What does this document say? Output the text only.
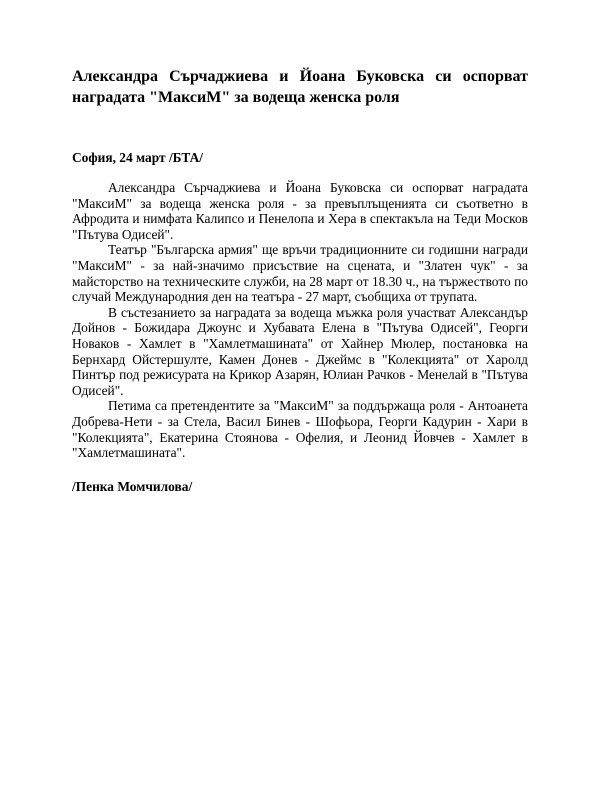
Александра Сърчаджиева и Йоана Буковска си оспорват наградата "МаксиМ" за водеща женска роля

София, 24 март /БТА/

Александра Сърчаджиева и Йоана Буковска си оспорват наградата "МаксиМ" за водеща женска роля - за превъплъщенията си съответно в Афродита и нимфата Калипсо и Пенелопа и Хера в спектакъла на Теди Москов "Пътува Одисей".

Театър "Българска армия" ще връчи традиционните си годишни награди "МаксиМ" - за най-значимо присъствие на сцената, и "Златен чук" - за майсторство на техническите служби, на 28 март от 18.30 ч., на тържеството по случай Международния ден на театъра - 27 март, съобщиха от трупата.

В състезанието за наградата за водеща мъжка роля участват Александър Дойнов - Божидара Джоунс и Хубавата Елена в "Пътува Одисей", Георги Новаков - Хамлет в "Хамлетмашината" от Хайнер Мюлер, постановка на Бернхард Ойстершулте, Камен Донев - Джеймс в "Колекцията" от Харолд Пинтър под режисурата на Крикор Азарян, Юлиан Рачков - Менелай в "Пътува Одисей".

Петима са претендентите за "МаксиМ" за поддържаща роля - Антоанета Добрева-Нети - за Стела, Васил Бинев - Шофьора, Георги Кадурин - Хари в "Колекцията", Екатерина Стоянова - Офелия, и Леонид Йовчев - Хамлет в "Хамлетмашината".

/Пенка Момчилова/
